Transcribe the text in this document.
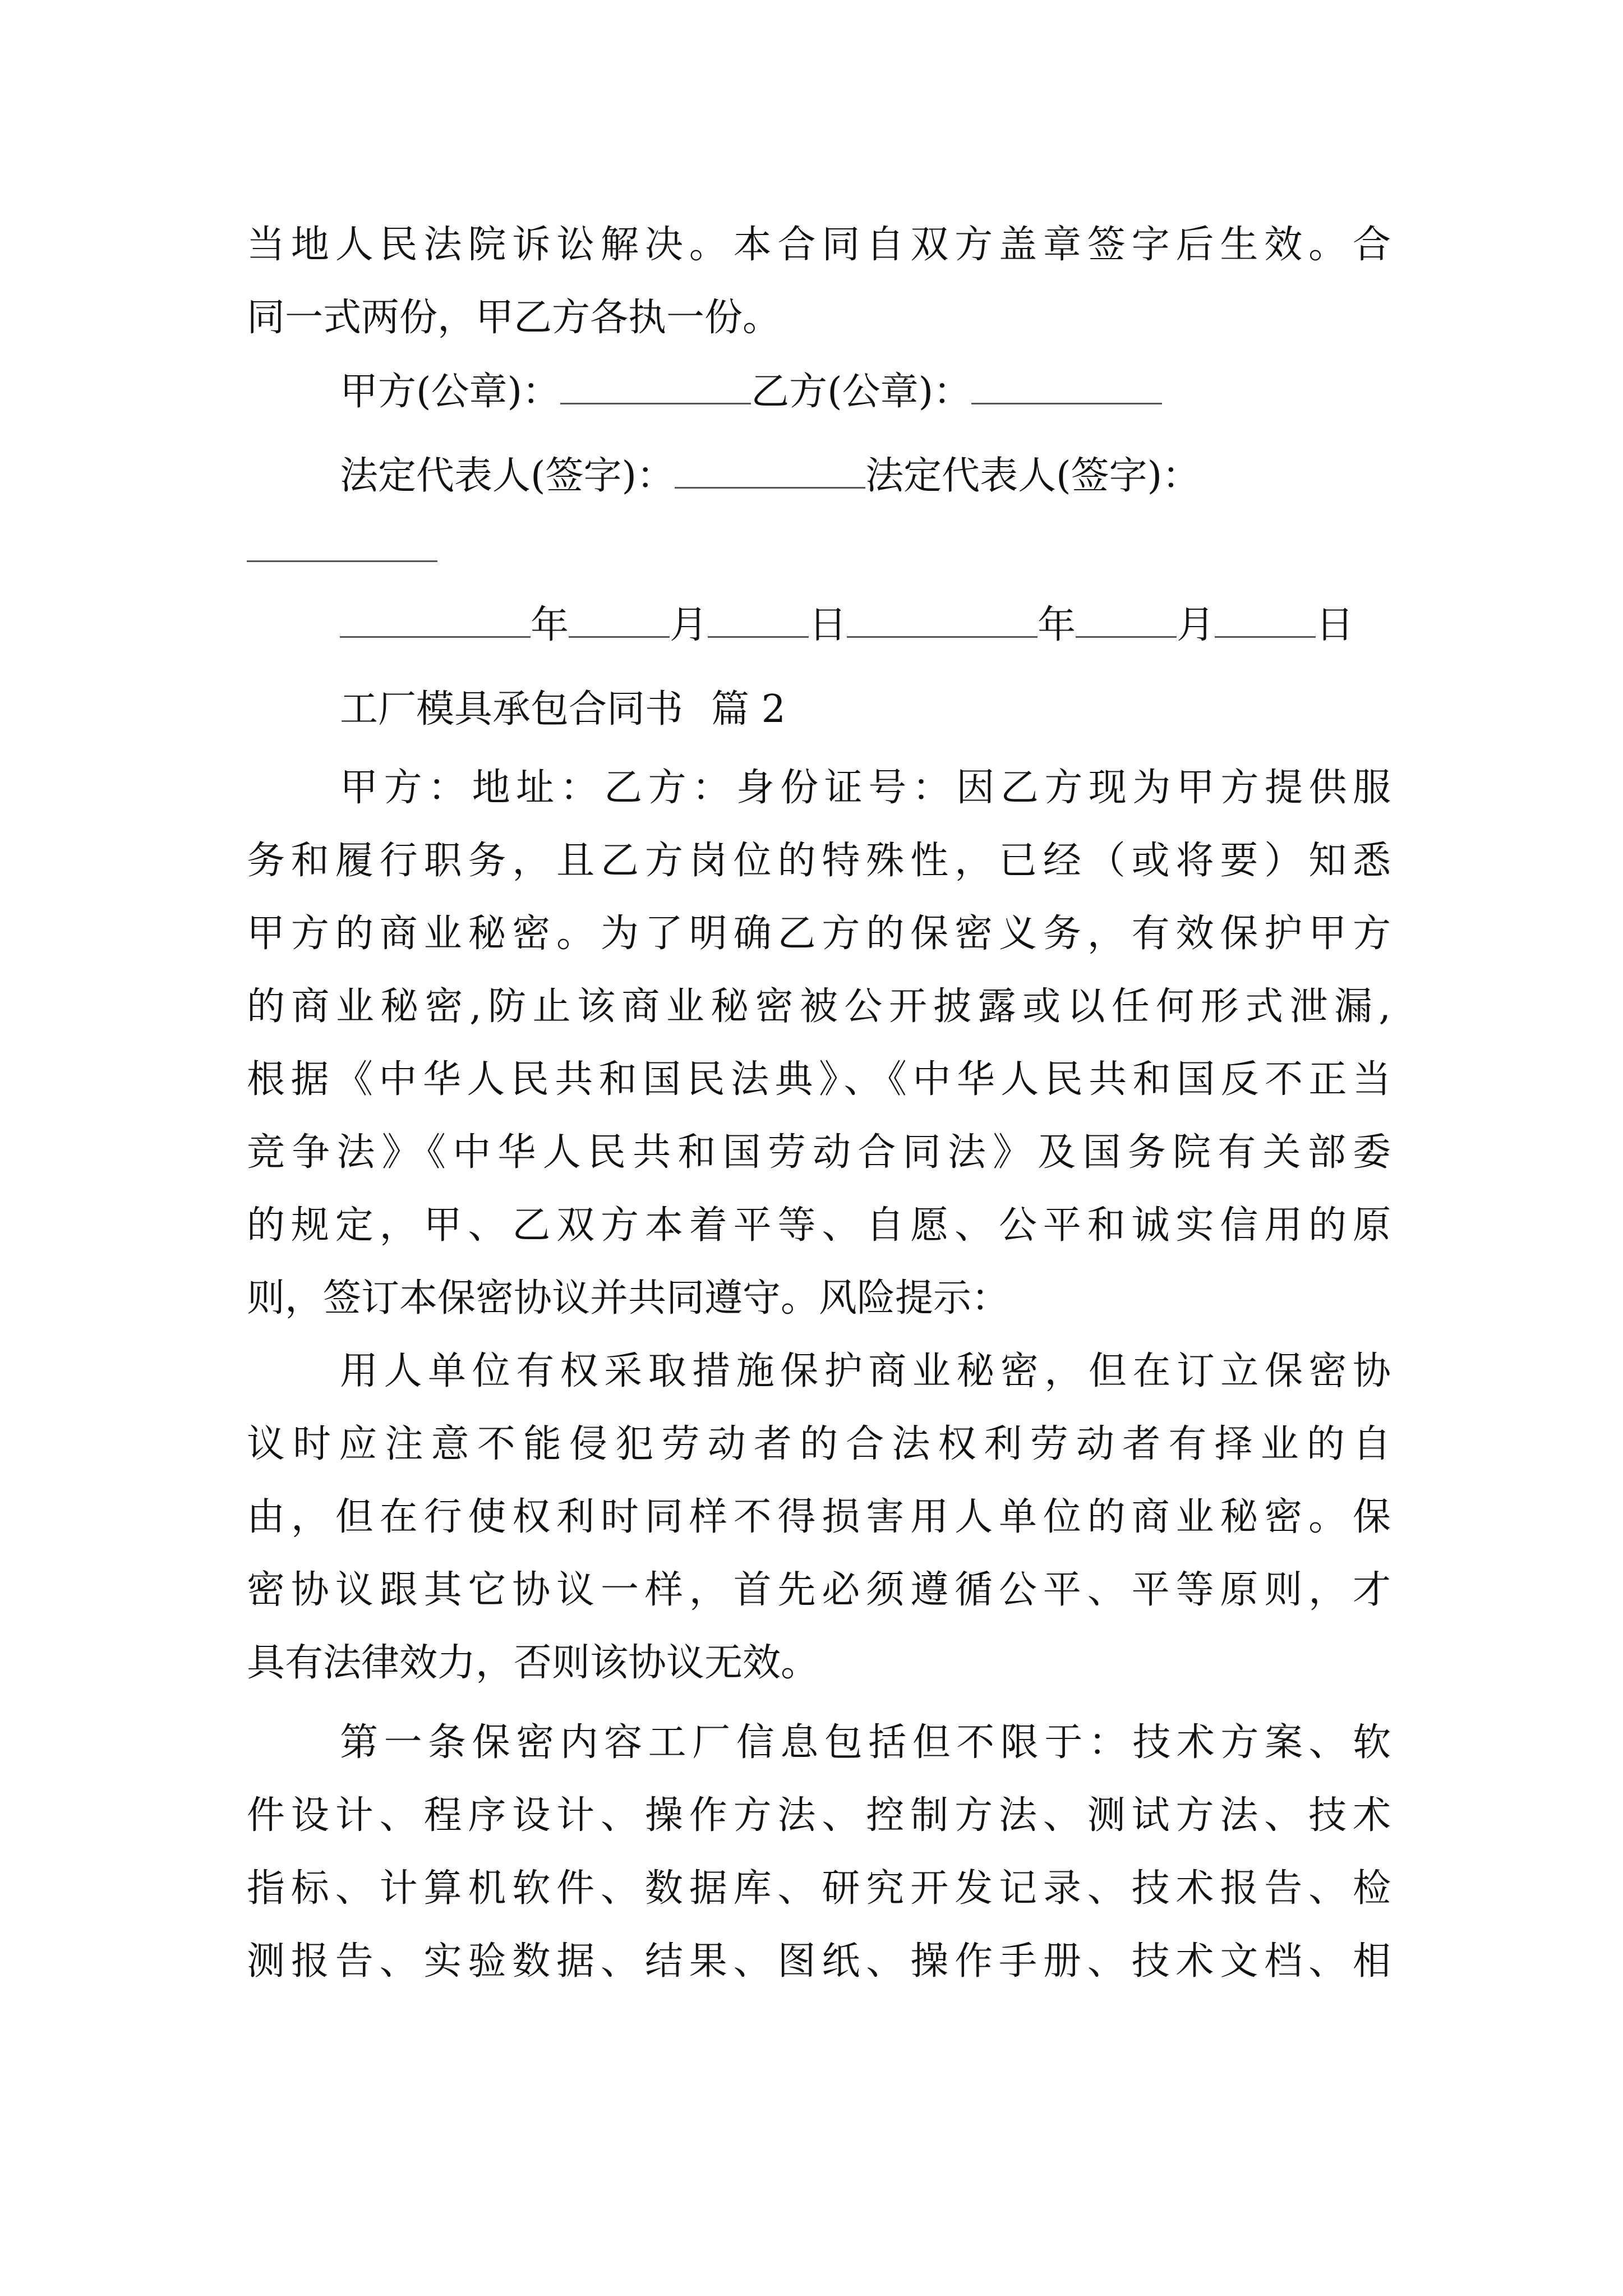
当地人民法院诉讼解决。本合同自双方盖章签字后生效。合
同一式两份，甲乙方各执一份。
甲方(公章)：	乙方(公章)：
法定代表人(签字)：	法定代表人(签字)：
年	月	日	年	月	日
工厂模具承包合同书 篇 2
甲方：地址：乙方：身份证号：因乙方现为甲方提供服
务和履行职务，且乙方岗位的特殊性，已经（或将要）知悉
甲方的商业秘密。为了明确乙方的保密义务，有效保护甲方
的商业秘密,防止该商业秘密被公开披露或以任何形式泄漏,
根据《中华人民共和国民法典》、《中华人民共和国反不正当
竞争法》《中华人民共和国劳动合同法》及国务院有关部委
的规定，甲、乙双方本着平等、自愿、公平和诚实信用的原
则，签订本保密协议并共同遵守。风险提示：
用人单位有权采取措施保护商业秘密，但在订立保密协
议时应注意不能侵犯劳动者的合法权利劳动者有择业的自
由，但在行使权利时同样不得损害用人单位的商业秘密。保
密协议跟其它协议一样，首先必须遵循公平、平等原则，才
具有法律效力，否则该协议无效。
第一条保密内容工厂信息包括但不限于：技术方案、软
件设计、程序设计、操作方法、控制方法、测试方法、技术
指标、计算机软件、数据库、研究开发记录、技术报告、检
测报告、实验数据、结果、图纸、操作手册、技术文档、相
